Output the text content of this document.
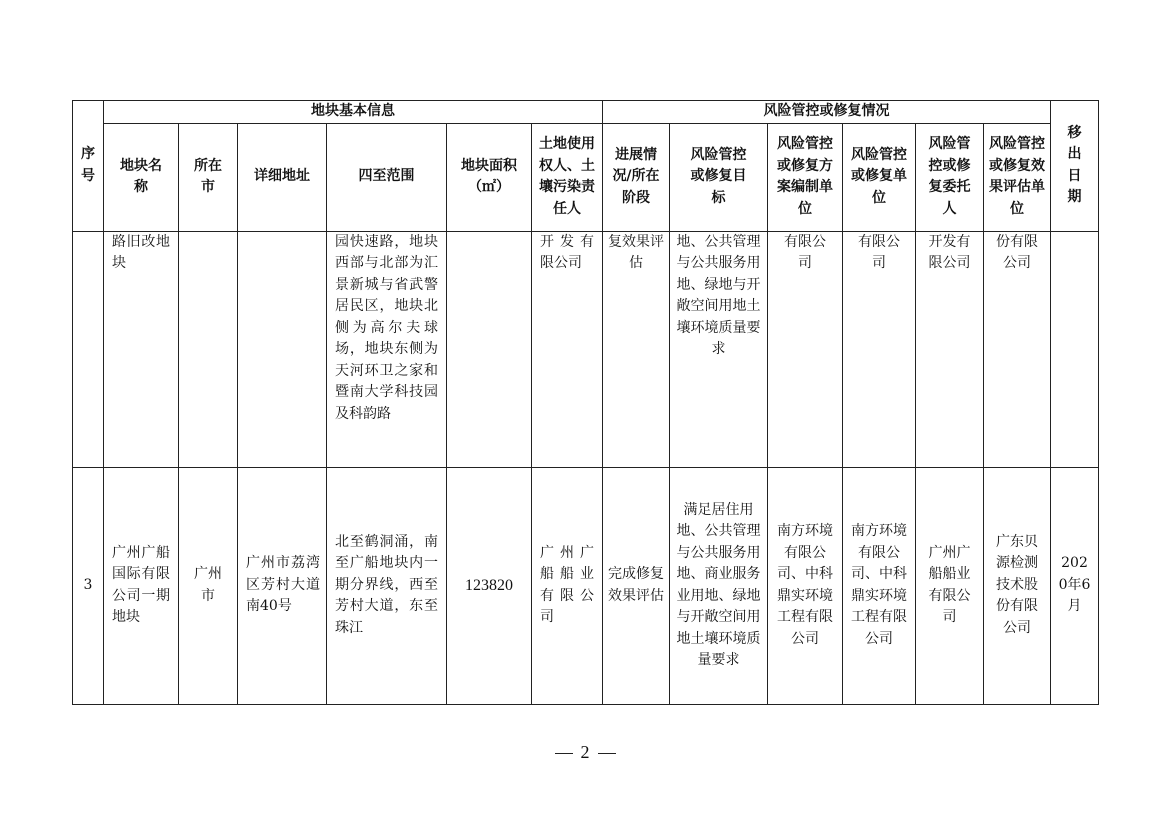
序号	地块基本信息						风险管控或修复情况						移出日期
	地块名称	所在市	详细地址	四至范围	地块面积（㎡）	土地使用权人、土壤污染责任人	进展情况/所在阶段	风险管控或修复目标	风险管控或修复方案编制单位	风险管控或修复单位	风险管控或修复委托人	风险管控或修复效果评估单位	
	路旧改地块			园快速路，地块西部与北部为汇景新城与省武警居民区，地块北侧为高尔夫球场，地块东侧为天河环卫之家和暨南大学科技园及科韵路		开发有限公司	复效果评估	地、公共管理与公共服务用地、绿地与开敞空间用地土壤环境质量要求	有限公司	有限公司	开发有限公司	份有限公司	
3	广州广船国际有限公司一期地块	广州市	广州市荔湾区芳村大道南40号	北至鹤洞涌，南至广船地块内一期分界线，西至芳村大道，东至珠江	123820	广州广船船业有限公司	完成修复效果评估	满足居住用地、公共管理与公共服务用地、商业服务业用地、绿地与开敞空间用地土壤环境质量要求	南方环境有限公司、中科鼎实环境工程有限公司	南方环境有限公司、中科鼎实环境工程有限公司	广州广船船业有限公司	广东贝源检测技术股份有限公司	2020年6月
2
